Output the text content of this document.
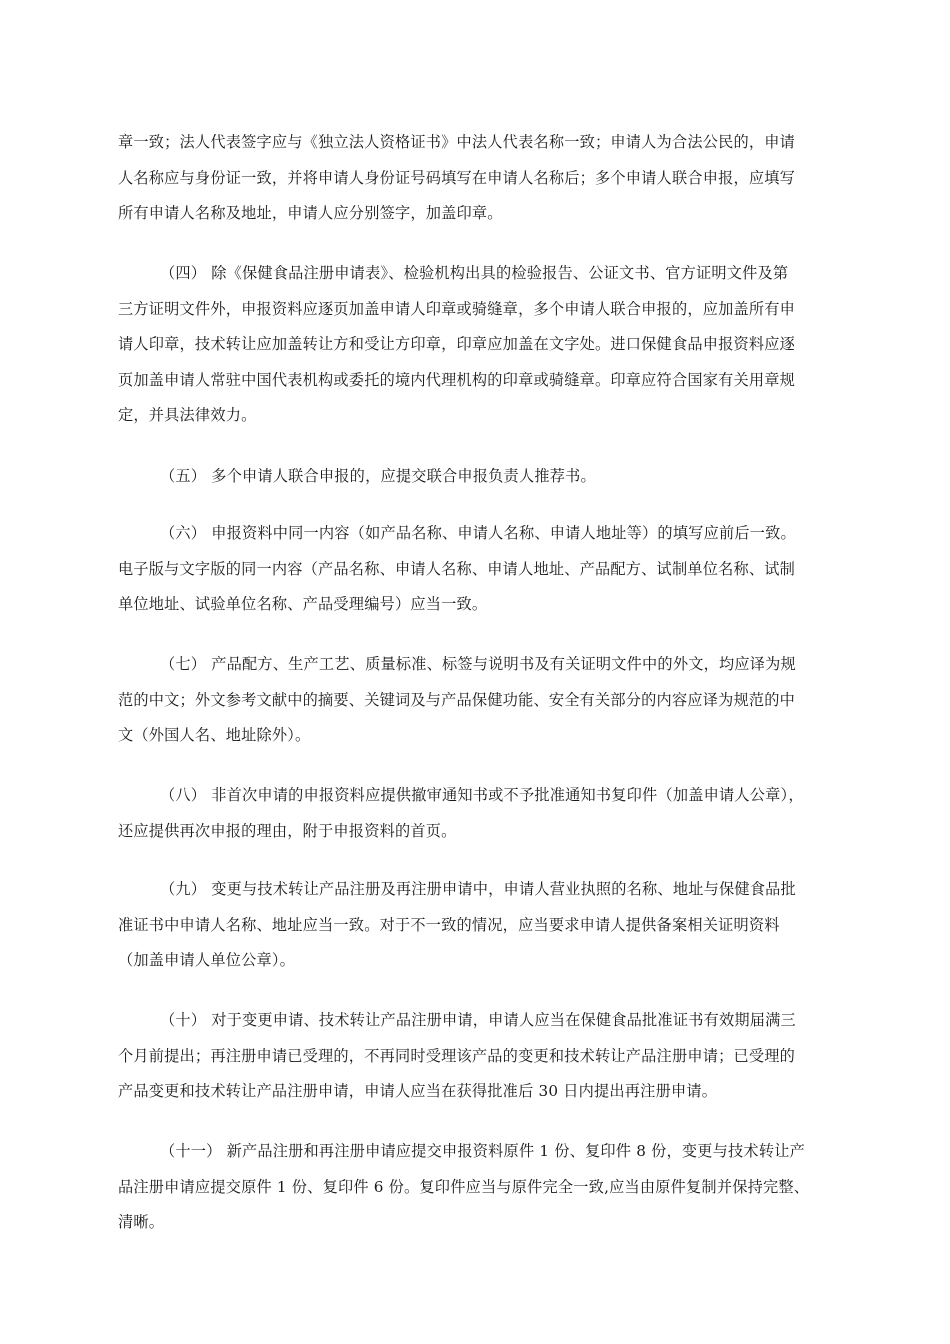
章一致；法人代表签字应与《独立法人资格证书》中法人代表名称一致；申请人为合法公民的，申请
人名称应与身份证一致，并将申请人身份证号码填写在申请人名称后；多个申请人联合申报，应填写
所有申请人名称及地址，申请人应分别签字，加盖印章。
（四） 除《保健食品注册申请表》、检验机构出具的检验报告、公证文书、官方证明文件及第
三方证明文件外，申报资料应逐页加盖申请人印章或骑缝章，多个申请人联合申报的，应加盖所有申
请人印章，技术转让应加盖转让方和受让方印章，印章应加盖在文字处。进口保健食品申报资料应逐
页加盖申请人常驻中国代表机构或委托的境内代理机构的印章或骑缝章。印章应符合国家有关用章规
定，并具法律效力。
（五） 多个申请人联合申报的，应提交联合申报负责人推荐书。
（六） 申报资料中同一内容（如产品名称、申请人名称、申请人地址等）的填写应前后一致。
电子版与文字版的同一内容（产品名称、申请人名称、申请人地址、产品配方、试制单位名称、试制
单位地址、试验单位名称、产品受理编号）应当一致。
（七） 产品配方、生产工艺、质量标准、标签与说明书及有关证明文件中的外文，均应译为规
范的中文；外文参考文献中的摘要、关键词及与产品保健功能、安全有关部分的内容应译为规范的中
文（外国人名、地址除外）。
（八） 非首次申请的申报资料应提供撤审通知书或不予批准通知书复印件（加盖申请人公章），
还应提供再次申报的理由，附于申报资料的首页。
（九） 变更与技术转让产品注册及再注册申请中，申请人营业执照的名称、地址与保健食品批
准证书中申请人名称、地址应当一致。对于不一致的情况，应当要求申请人提供备案相关证明资料
（加盖申请人单位公章）。
（十） 对于变更申请、技术转让产品注册申请，申请人应当在保健食品批准证书有效期届满三
个月前提出；再注册申请已受理的，不再同时受理该产品的变更和技术转让产品注册申请；已受理的
产品变更和技术转让产品注册申请，申请人应当在获得批准后 30 日内提出再注册申请。
（十一） 新产品注册和再注册申请应提交申报资料原件 1 份、复印件 8 份，变更与技术转让产
品注册申请应提交原件 1 份、复印件 6 份。复印件应当与原件完全一致,应当由原件复制并保持完整、
清晰。
